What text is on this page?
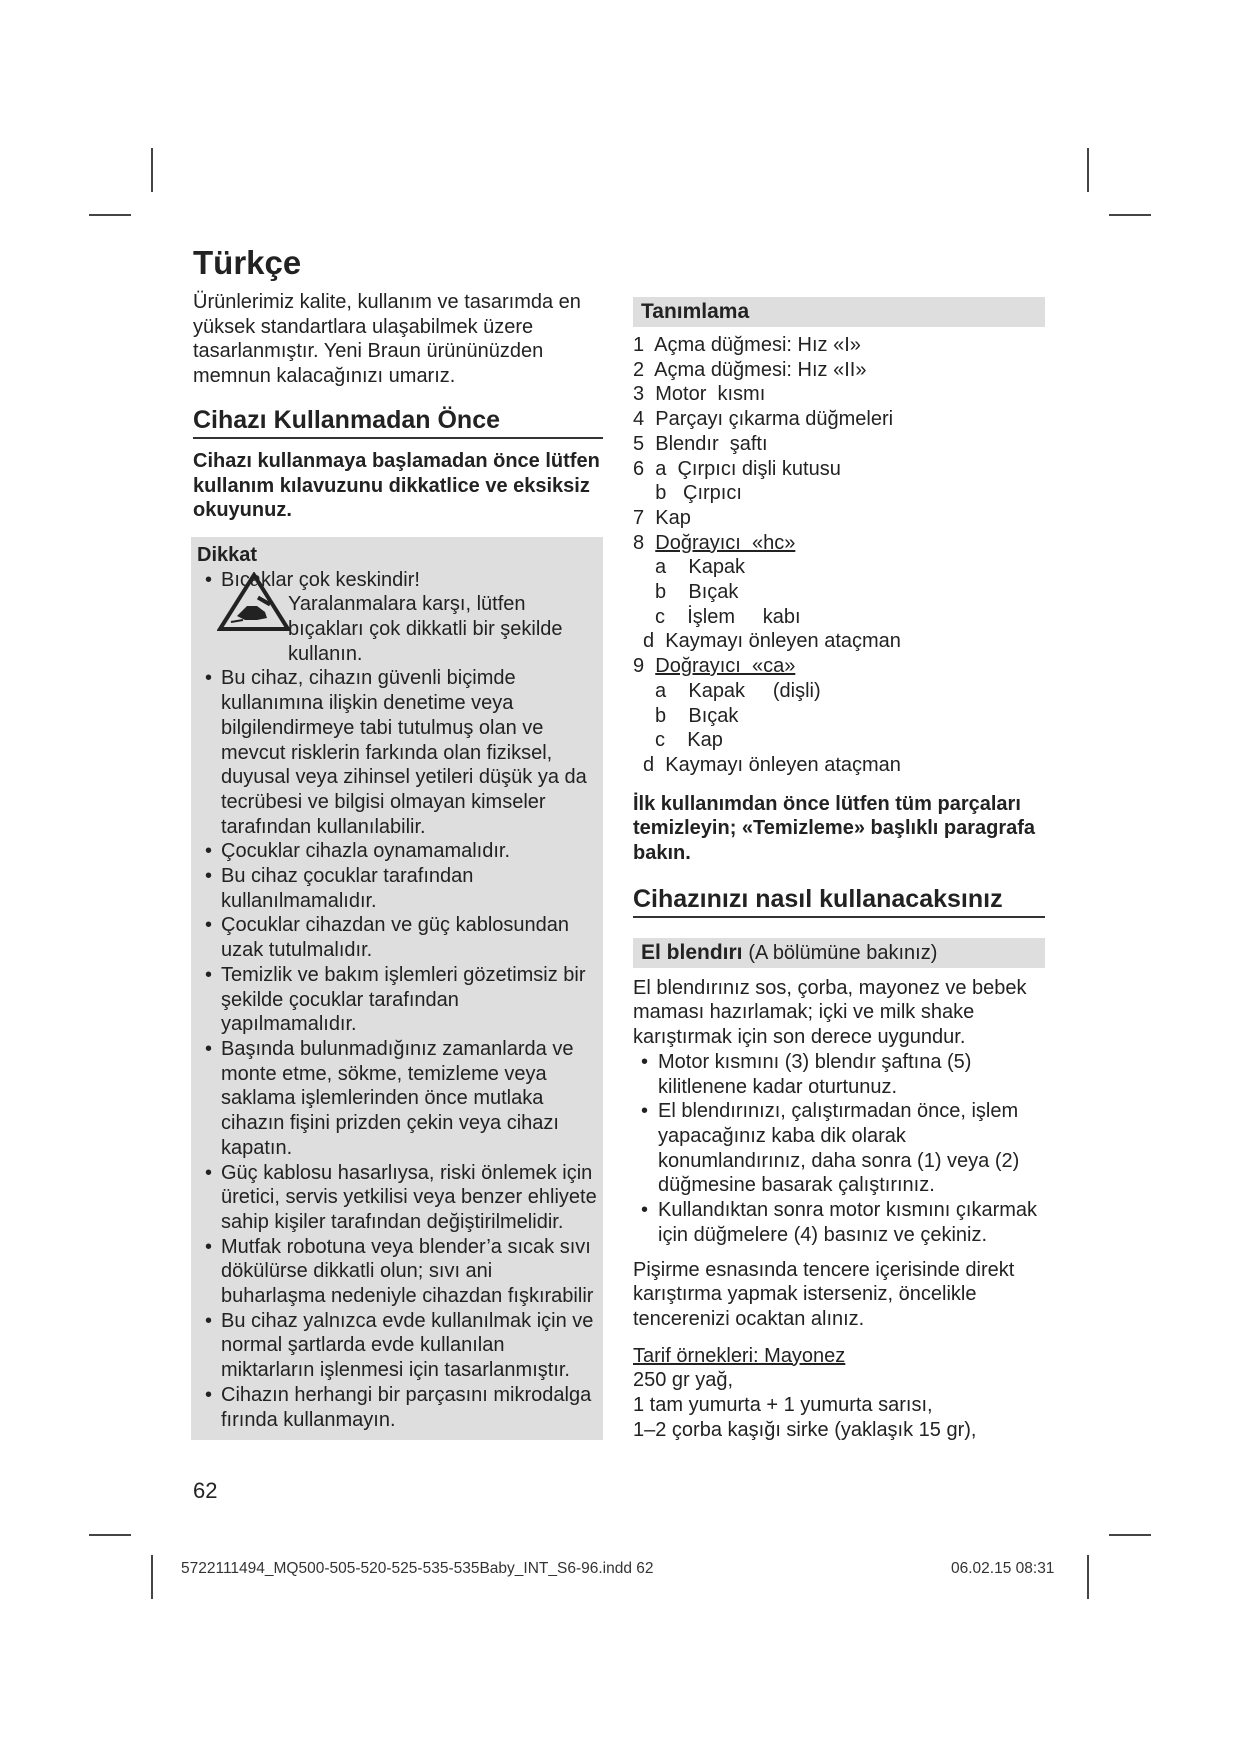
Türkçe

Ürünlerimiz kalite, kullanım ve tasarımda en yüksek standartlara ulaşabilmek üzere tasarlanmıştır. Yeni Braun ürününüzden memnun kalacağınızı umarız.

Cihazı Kullanmadan Önce

Cihazı kullanmaya başlamadan önce lütfen kullanım kılavuzunu dikkatlice ve eksiksiz okuyunuz.

Dikkat
• Bıçaklar çok keskindir!
Yaralanmalara karşı, lütfen bıçakları çok dikkatli bir şekilde kullanın.
• Bu cihaz, cihazın güvenli biçimde kullanımına ilişkin denetime veya bilgilendirmeye tabi tutulmuş olan ve mevcut risklerin farkında olan fiziksel, duyusal veya zihinsel yetileri düşük ya da tecrübesi ve bilgisi olmayan kimseler tarafından kullanılabilir.
• Çocuklar cihazla oynamamalıdır.
• Bu cihaz çocuklar tarafından kullanılmamalıdır.
• Çocuklar cihazdan ve güç kablosundan uzak tutulmalıdır.
• Temizlik ve bakım işlemleri gözetimsiz bir şekilde çocuklar tarafından yapılmamalıdır.
• Başında bulunmadığınız zamanlarda ve monte etme, sökme, temizleme veya saklama işlemlerinden önce mutlaka cihazın fişini prizden çekin veya cihazı kapatın.
• Güç kablosu hasarlıysa, riski önlemek için üretici, servis yetkilisi veya benzer ehliyete sahip kişiler tarafından değiştirilmelidir.
• Mutfak robotuna veya blender’a sıcak sıvı dökülürse dikkatli olun; sıvı ani buharlaşma nedeniyle cihazdan fışkırabilir
• Bu cihaz yalnızca evde kullanılmak için ve normal şartlarda evde kullanılan miktarların işlenmesi için tasarlanmıştır.
• Cihazın herhangi bir parçasını mikrodalga fırında kullanmayın.
Tanımlama
1  Açma düğmesi: Hız «I»
2  Açma düğmesi: Hız «II»
3  Motor  kısmı
4  Parçayı çıkarma düğmeleri
5  Blendır  şaftı
6  a  Çırpıcı dişli kutusu
b   Çırpıcı
7  Kap
8  Doğrayıcı  «hc»
a    Kapak
b    Bıçak
c    İşlem     kabı
d  Kaymayı önleyen ataçman
9  Doğrayıcı  «ca»
a    Kapak     (dişli)
b    Bıçak
c    Kap
d  Kaymayı önleyen ataçman

İlk kullanımdan önce lütfen tüm parçaları temizleyin; «Temizleme» başlıklı paragrafa bakın.

Cihazınızı nasıl kullanacaksınız
El blendırı (A bölümüne bakınız)

El blendırınız sos, çorba, mayonez ve bebek maması hazırlamak; içki ve milk shake karıştırmak için son derece uygundur.

• Motor kısmını (3) blendır şaftına (5) kilitlenene kadar oturtunuz.
• El blendırınızı, çalıştırmadan önce, işlem yapacağınız kaba dik olarak konumlandırınız, daha sonra (1) veya (2) düğmesine basarak çalıştırınız.
• Kullandıktan sonra motor kısmını çıkarmak için düğmelere (4) basınız ve çekiniz.

Pişirme esnasında tencere içerisinde direkt karıştırma yapmak isterseniz, öncelikle tencerenizi ocaktan alınız.

Tarif örnekleri: Mayonez

250 gr yağ,

1 tam yumurta + 1 yumurta sarısı,

1–2 çorba kaşığı sirke (yaklaşık 15 gr),

62
5722111494_MQ500-505-520-525-535-535Baby_INT_S6-96.indd 62	06.02.15 08:31
